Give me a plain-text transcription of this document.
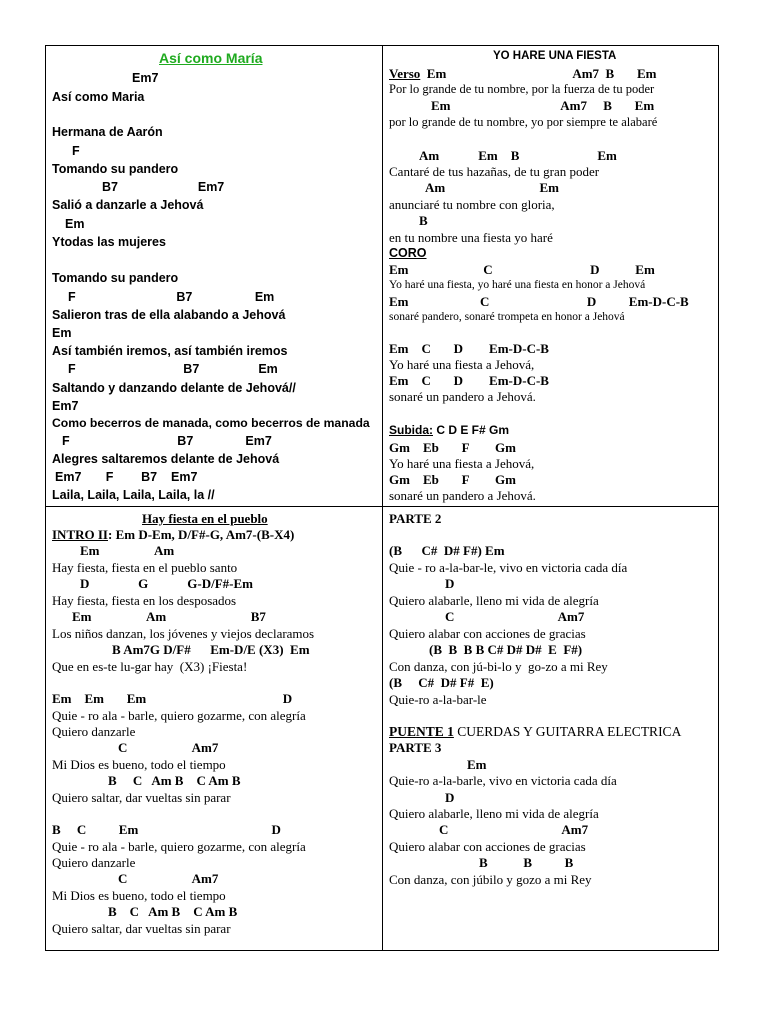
Así como María
Em7
Así como Maria
Hermana de Aarón
F
Tomando su pandero
B7                       Em7
Salió a danzarle a Jehová
Em
Ytodas las mujeres
Tomando su pandero
F                             B7                  Em
Salieron tras de ella alabando a Jehová
Em
Así también iremos, así también iremos
F                               B7                 Em
Saltando y danzando delante de Jehová//
Em7
Como becerros de manada, como becerros de manada
F                               B7               Em7
Alegres saltaremos delante de Jehová
Em7       F        B7    Em7
Laila, Laila, Laila, Laila, la //
YO HARE UNA FIESTA
Verso  Em                                       Am7  B       Em
Por lo grande de tu nombre, por la fuerza de tu poder
Em                                  Am7     B       Em
por lo grande de tu nombre, yo por siempre te alabaré
Am            Em    B                        Em
Cantaré de tus hazañas, de tu gran poder
Am                             Em
anunciaré tu nombre con gloria,
B
en tu nombre una fiesta yo haré
CORO
Em                       C                              D           Em
Yo haré una fiesta, yo haré una fiesta en honor a Jehová
Em                      C                              D          Em-D-C-B
sonaré pandero, sonaré trompeta en honor a Jehová
Em    C       D        Em-D-C-B
Yo haré una fiesta a Jehová,
Em    C       D        Em-D-C-B
sonaré un pandero a Jehová.
Subida: C D E F# Gm
Gm    Eb       F        Gm
Yo haré una fiesta a Jehová,
Gm    Eb       F        Gm
sonaré un pandero a Jehová.
Hay fiesta en el pueblo
INTRO II: Em D-Em, D/F#-G, Am7-(B-X4)
Em                 Am
Hay fiesta, fiesta en el pueblo santo
D               G            G-D/F#-Em
Hay fiesta, fiesta en los desposados
Em                 Am                          B7
Los niños danzan, los jóvenes y viejos declaramos
B Am7G D/F#      Em-D/E (X3)  Em
Que en es-te lu-gar hay  (X3) ¡Fiesta!
Em    Em       Em                                          D
Quie - ro ala - barle, quiero gozarme, con alegría
Quiero danzarle
C                    Am7
Mi Dios es bueno, todo el tiempo
B     C   Am B    C Am B
Quiero saltar, dar vueltas sin parar
B     C          Em                                         D
Quie - ro ala - barle, quiero gozarme, con alegría
Quiero danzarle
C                    Am7
Mi Dios es bueno, todo el tiempo
B    C   Am B    C Am B
Quiero saltar, dar vueltas sin parar
PARTE 2
(B      C#  D# F#) Em
Quie - ro a-la-bar-le, vivo en victoria cada día
D
Quiero alabarle, lleno mi vida de alegría
C                                Am7
Quiero alabar con acciones de gracias
(B  B  B B C# D# D#  E  F#)
Con danza, con jú-bi-lo y  go-zo a mi Rey
(B     C#  D# F#  E)
Quie-ro a-la-bar-le
PUENTE 1 CUERDAS Y GUITARRA ELECTRICA
PARTE 3
Em
Quie-ro a-la-barle, vivo en victoria cada día
D
Quiero alabarle, lleno mi vida de alegría
C                                   Am7
Quiero alabar con acciones de gracias
B           B          B
Con danza, con júbilo y gozo a mi Rey
